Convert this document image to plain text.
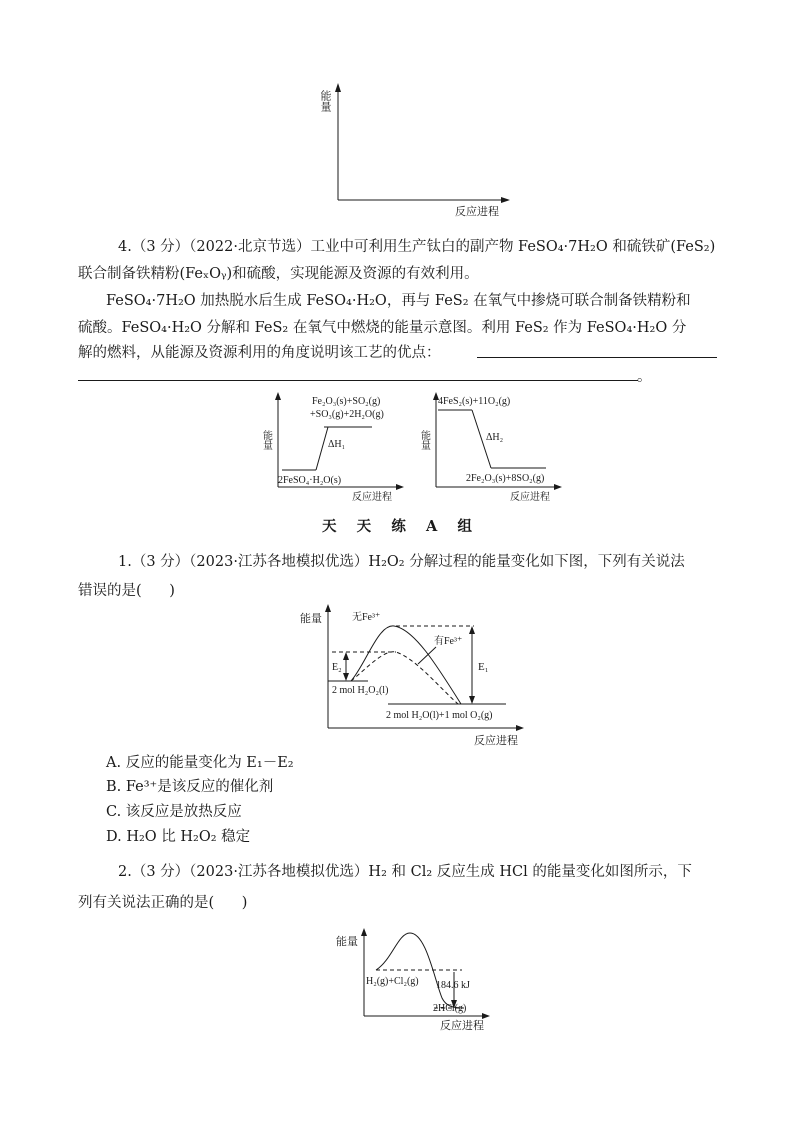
能量
反应进程
4.（3 分）（2022·北京节选）工业中可利用生产钛白的副产物 FeSO₄·7H₂O 和硫铁矿(FeS₂)
联合制备铁精粉(FeₓOᵧ)和硫酸，实现能源及资源的有效利用。
FeSO₄·7H₂O 加热脱水后生成 FeSO₄·H₂O，再与 FeS₂ 在氧气中掺烧可联合制备铁精粉和
硫酸。FeSO₄·H₂O 分解和 FeS₂ 在氧气中燃烧的能量示意图。利用 FeS₂ 作为 FeSO₄·H₂O 分
解的燃料，从能源及资源利用的角度说明该工艺的优点：
。
能量
反应进程
Fe₂O₃(s)+SO₂(g)
+SO₃(g)+2H₂O(g)
ΔH₁
2FeSO₄·H₂O(s)
能量
反应进程
4FeS₂(s)+11O₂(g)
ΔH₂
2Fe₂O₃(s)+8SO₂(g)
天    天    练    A    组
1.（3 分）（2023·江苏各地模拟优选）H₂O₂ 分解过程的能量变化如下图，下列有关说法
错误的是(      )
能量
反应进程
E₁
E₂
无Fe³⁺
有Fe³⁺
2 mol H₂O₂(l)
2 mol H₂O(l)+1 mol O₂(g)
A. 反应的能量变化为 E₁－E₂
B. Fe³⁺是该反应的催化剂
C. 该反应是放热反应
D. H₂O 比 H₂O₂ 稳定
2.（3 分）（2023·江苏各地模拟优选）H₂ 和 Cl₂ 反应生成 HCl 的能量变化如图所示，下
列有关说法正确的是(      )
能量
反应进程
H₂(g)+Cl₂(g) 184.6 kJ
2HCl(g)
